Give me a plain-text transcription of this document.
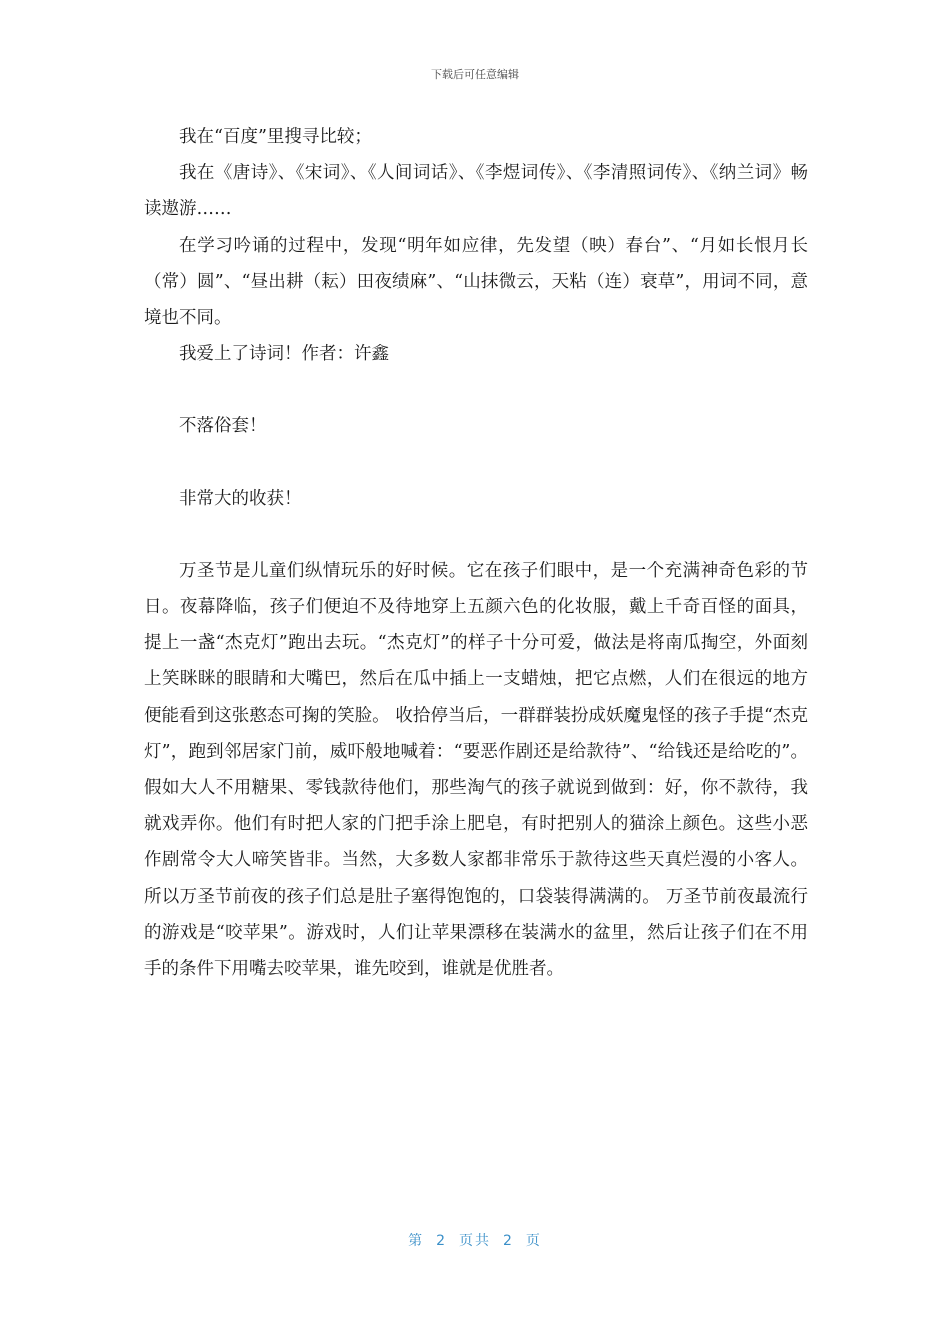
下载后可任意编辑

我在“百度”里搜寻比较；

我在《唐诗》、《宋词》、《人间词话》、《李煜词传》、《李清照词传》、《纳兰词》畅读遨游……

在学习吟诵的过程中，发现“明年如应律，先发望（映）春台”、“月如长恨月长（常）圆”、“昼出耕（耘）田夜绩麻”、“山抹微云，天粘（连）衰草”，用词不同，意境也不同。

我爱上了诗词！作者：许鑫

不落俗套！

非常大的收获！

万圣节是儿童们纵情玩乐的好时候。它在孩子们眼中，是一个充满神奇色彩的节日。夜幕降临，孩子们便迫不及待地穿上五颜六色的化妆服，戴上千奇百怪的面具，提上一盏“杰克灯”跑出去玩。“杰克灯”的样子十分可爱，做法是将南瓜掏空，外面刻上笑眯眯的眼睛和大嘴巴，然后在瓜中插上一支蜡烛，把它点燃，人们在很远的地方便能看到这张憨态可掬的笑脸。 收拾停当后，一群群装扮成妖魔鬼怪的孩子手提“杰克灯”，跑到邻居家门前，威吓般地喊着：“要恶作剧还是给款待”、“给钱还是给吃的”。假如大人不用糖果、零钱款待他们，那些淘气的孩子就说到做到：好，你不款待，我就戏弄你。他们有时把人家的门把手涂上肥皂，有时把别人的猫涂上颜色。这些小恶作剧常令大人啼笑皆非。当然，大多数人家都非常乐于款待这些天真烂漫的小客人。所以万圣节前夜的孩子们总是肚子塞得饱饱的，口袋装得满满的。 万圣节前夜最流行的游戏是“咬苹果”。游戏时，人们让苹果漂移在装满水的盆里，然后让孩子们在不用手的条件下用嘴去咬苹果，谁先咬到，谁就是优胜者。

第 2 页共 2 页
